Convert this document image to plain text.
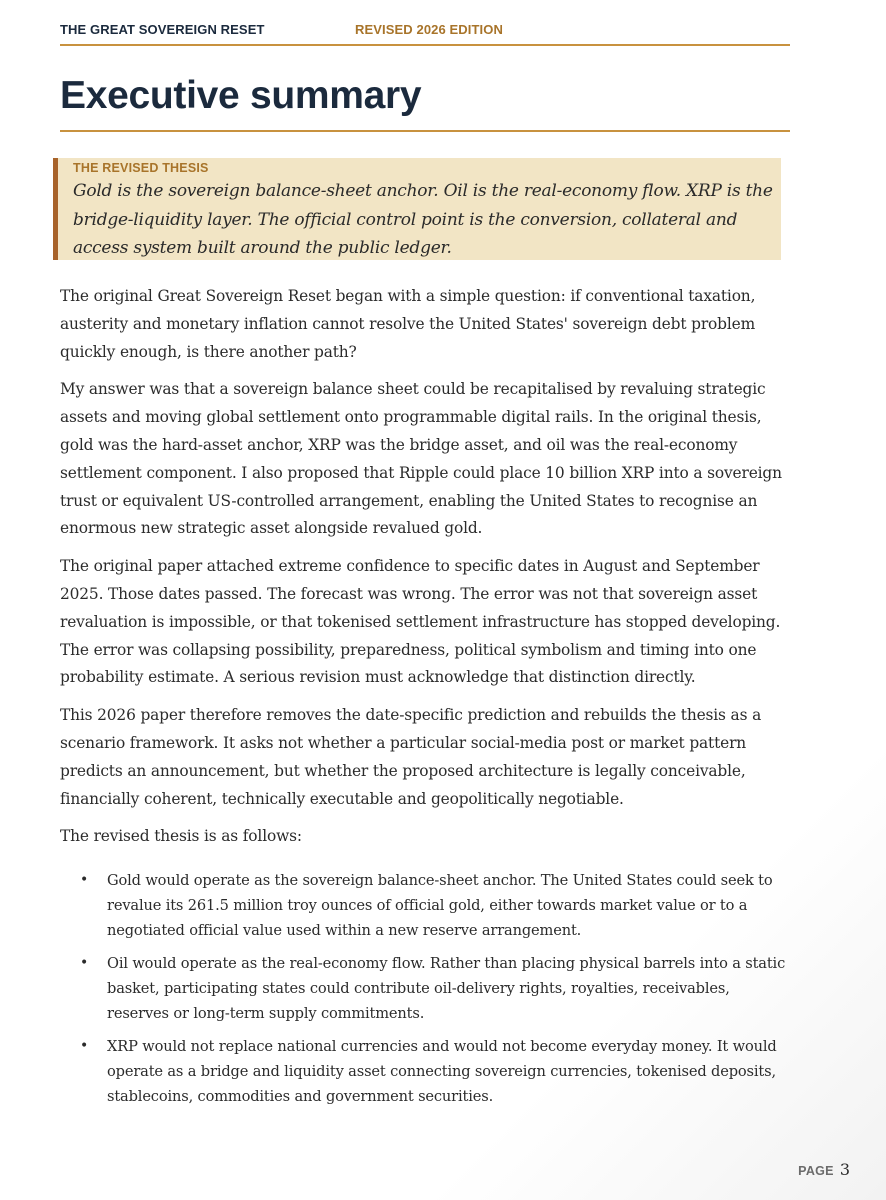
THE GREAT SOVEREIGN RESET	REVISED 2026 EDITION
Executive summary
THE REVISED THESIS
Gold is the sovereign balance-sheet anchor. Oil is the real-economy flow. XRP is the bridge-liquidity layer. The official control point is the conversion, collateral and access system built around the public ledger.

The original Great Sovereign Reset began with a simple question: if conventional taxation, austerity and monetary inflation cannot resolve the United States' sovereign debt problem quickly enough, is there another path?

My answer was that a sovereign balance sheet could be recapitalised by revaluing strategic assets and moving global settlement onto programmable digital rails. In the original thesis, gold was the hard-asset anchor, XRP was the bridge asset, and oil was the real-economy settlement component. I also proposed that Ripple could place 10 billion XRP into a sovereign trust or equivalent US-controlled arrangement, enabling the United States to recognise an enormous new strategic asset alongside revalued gold.

The original paper attached extreme confidence to specific dates in August and September 2025. Those dates passed. The forecast was wrong. The error was not that sovereign asset revaluation is impossible, or that tokenised settlement infrastructure has stopped developing. The error was collapsing possibility, preparedness, political symbolism and timing into one probability estimate. A serious revision must acknowledge that distinction directly.

This 2026 paper therefore removes the date-specific prediction and rebuilds the thesis as a scenario framework. It asks not whether a particular social-media post or market pattern predicts an announcement, but whether the proposed architecture is legally conceivable, financially coherent, technically executable and geopolitically negotiable.

The revised thesis is as follows:

• Gold would operate as the sovereign balance-sheet anchor. The United States could seek to revalue its 261.5 million troy ounces of official gold, either towards market value or to a negotiated official value used within a new reserve arrangement.
• Oil would operate as the real-economy flow. Rather than placing physical barrels into a static basket, participating states could contribute oil-delivery rights, royalties, receivables, reserves or long-term supply commitments.
• XRP would not replace national currencies and would not become everyday money. It would operate as a bridge and liquidity asset connecting sovereign currencies, tokenised deposits, stablecoins, commodities and government securities.
PAGE 3
